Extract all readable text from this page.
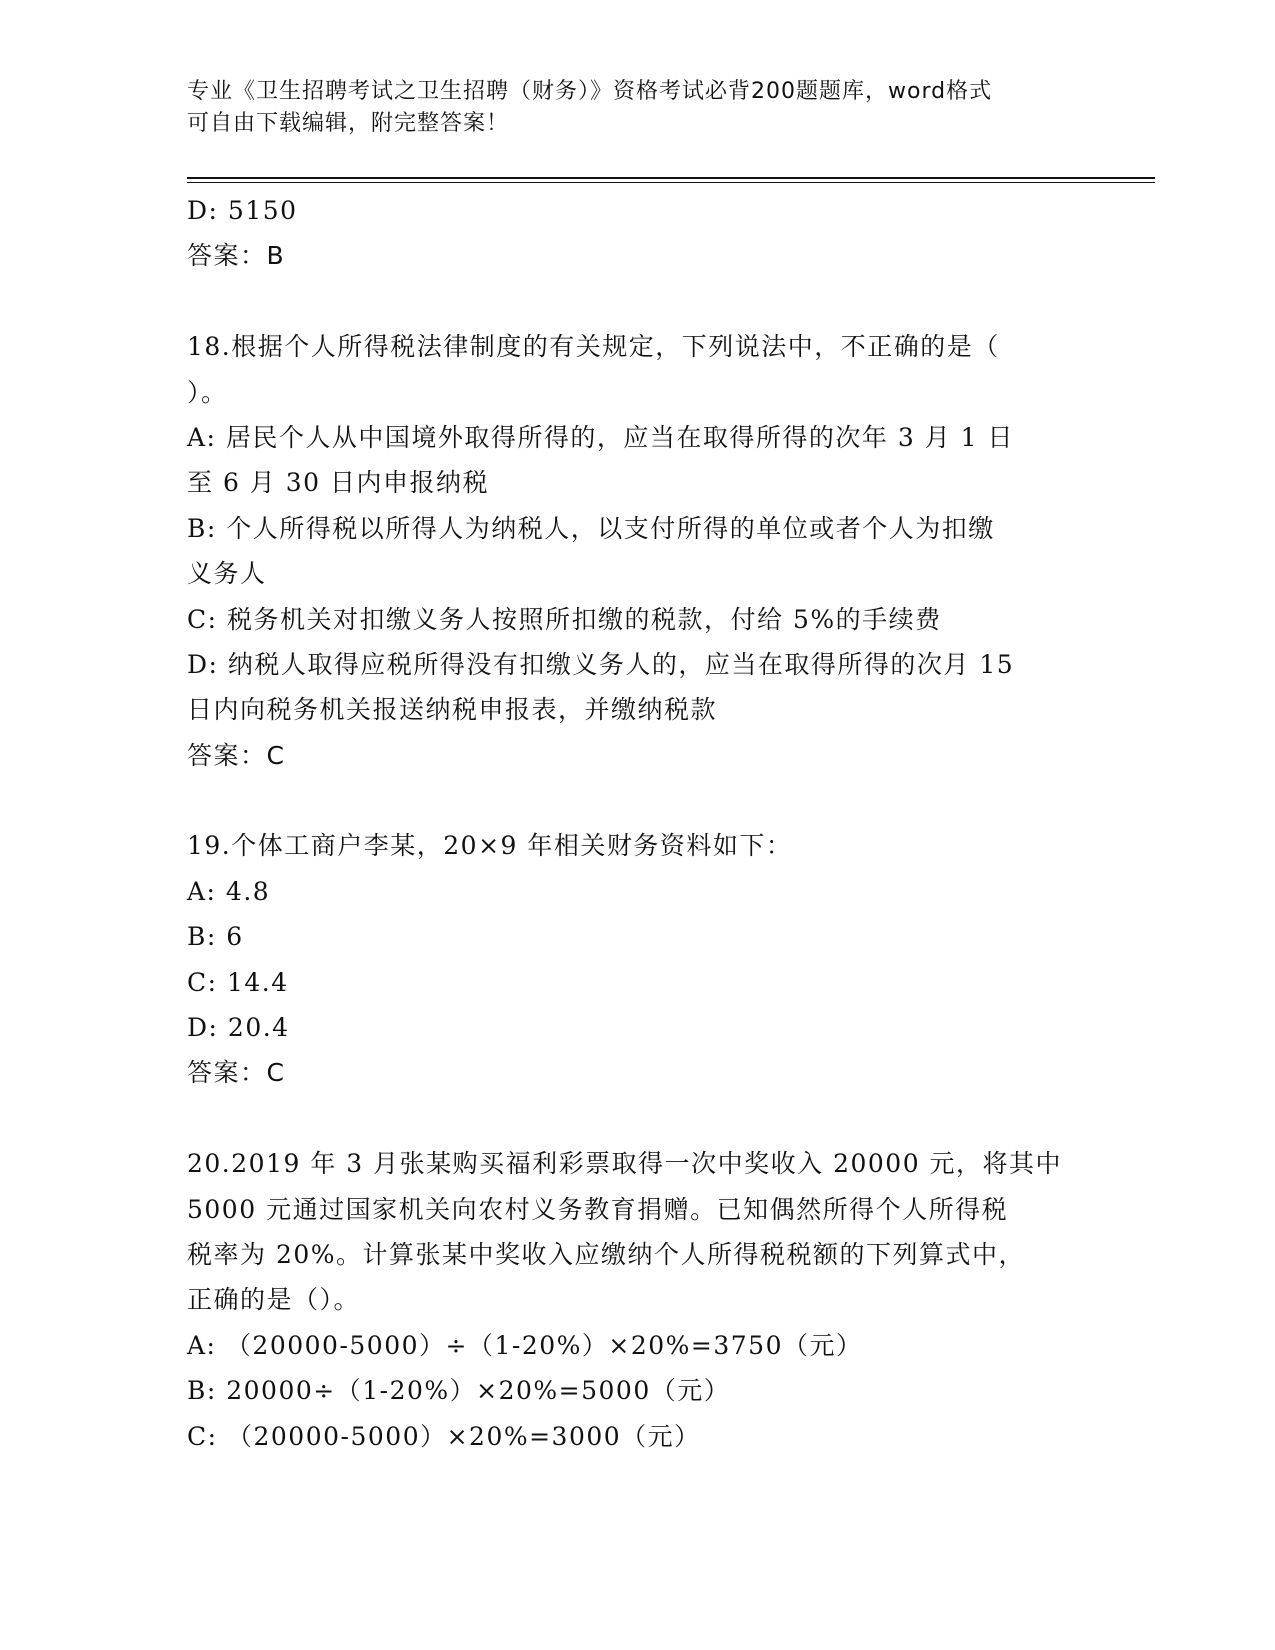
专业《卫生招聘考试之卫生招聘（财务）》资格考试必背200题题库，word格式
可自由下载编辑，附完整答案！
D: 5150
答案：B
18.根据个人所得税法律制度的有关规定，下列说法中，不正确的是（
）。
A: 居民个人从中国境外取得所得的，应当在取得所得的次年 3 月 1 日
至 6 月 30 日内申报纳税
B: 个人所得税以所得人为纳税人，以支付所得的单位或者个人为扣缴
义务人
C: 税务机关对扣缴义务人按照所扣缴的税款，付给 5%的手续费
D: 纳税人取得应税所得没有扣缴义务人的，应当在取得所得的次月 15
日内向税务机关报送纳税申报表，并缴纳税款
答案：C
19.个体工商户李某，20×9 年相关财务资料如下：
A: 4.8
B: 6
C: 14.4
D: 20.4
答案：C
20.2019 年 3 月张某购买福利彩票取得一次中奖收入 20000 元，将其中
5000 元通过国家机关向农村义务教育捐赠。已知偶然所得个人所得税
税率为 20%。计算张某中奖收入应缴纳个人所得税税额的下列算式中，
正确的是（）。
A: （20000-5000）÷（1-20%）×20%=3750（元）
B: 20000÷（1-20%）×20%=5000（元）
C: （20000-5000）×20%=3000（元）
